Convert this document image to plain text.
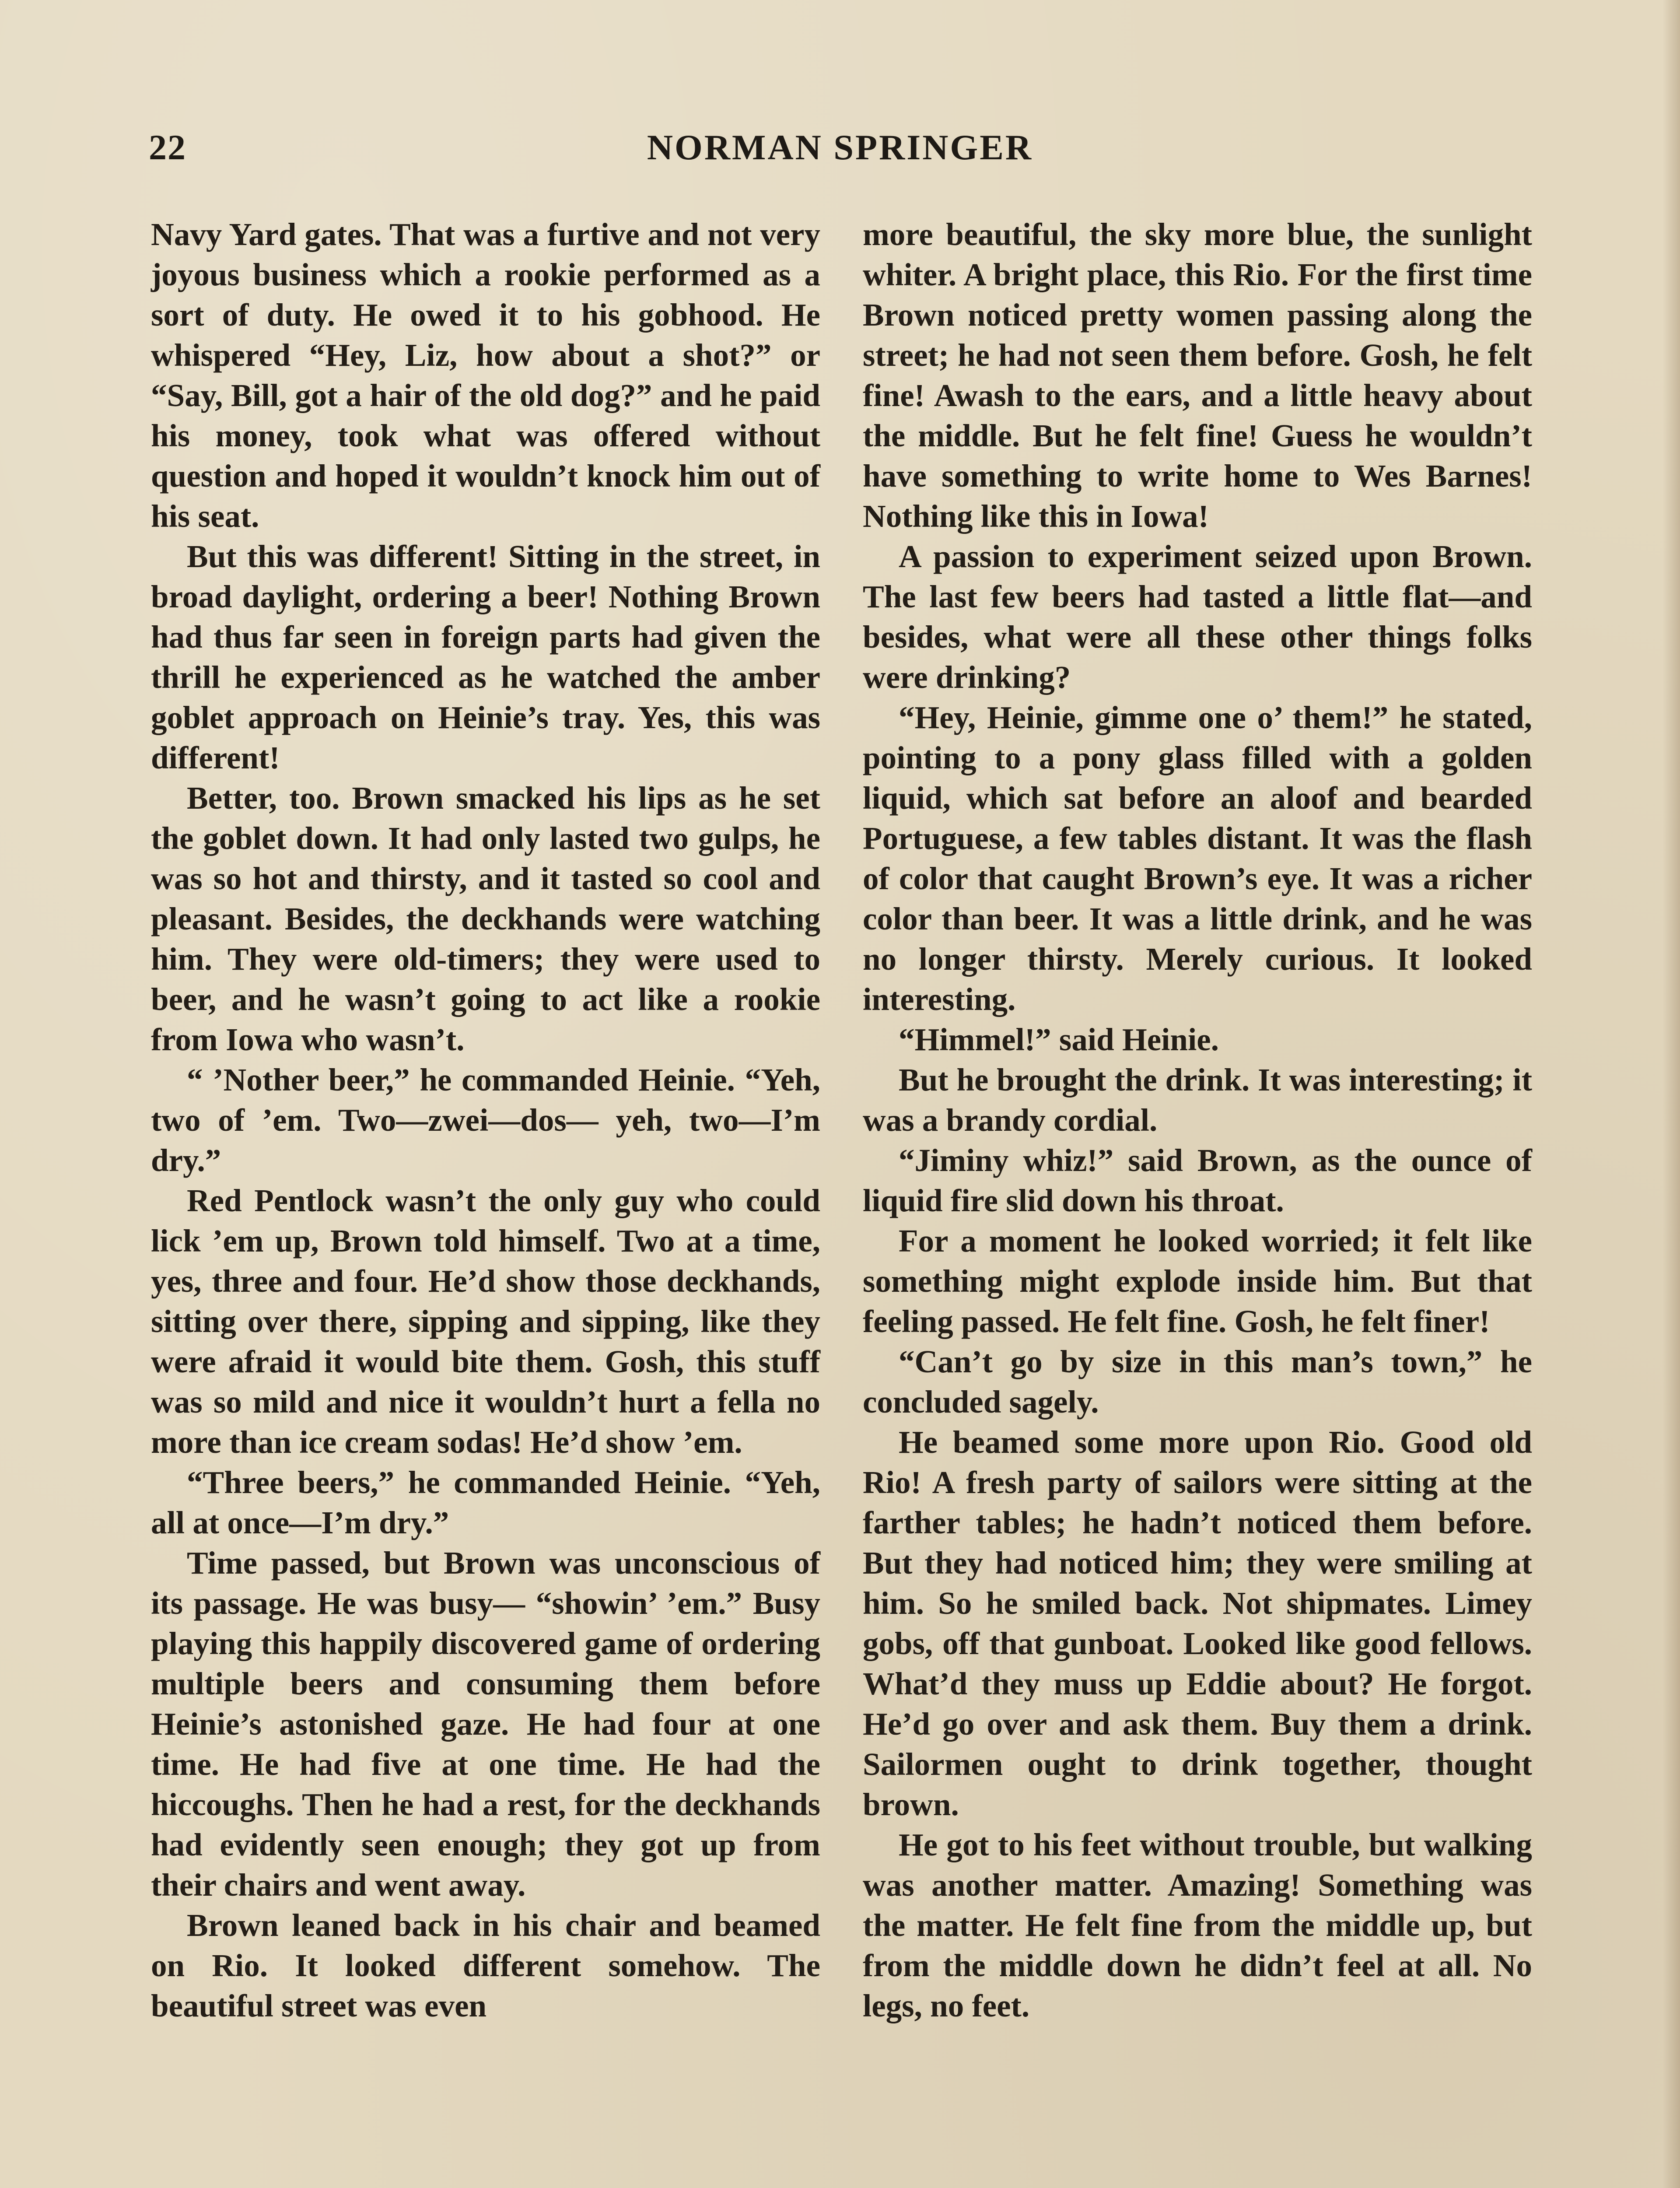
NORMAN SPRINGER
22

Navy Yard gates. That was a furtive and not very joyous business which a rookie performed as a sort of duty. He owed it to his gobhood. He whispered “Hey, Liz, how about a shot?” or “Say, Bill, got a hair of the old dog?” and he paid his money, took what was offered without question and hoped it wouldn’t knock him out of his seat.

But this was different! Sitting in the street, in broad daylight, ordering a beer! Nothing Brown had thus far seen in foreign parts had given the thrill he experienced as he watched the amber goblet approach on Heinie’s tray. Yes, this was different!

Better, too. Brown smacked his lips as he set the goblet down. It had only lasted two gulps, he was so hot and thirsty, and it tasted so cool and pleasant. Besides, the deckhands were watching him. They were old-timers; they were used to beer, and he wasn’t going to act like a rookie from Iowa who wasn’t.

“ ’Nother beer,” he commanded Heinie. “Yeh, two of ’em. Two—zwei—dos— yeh, two—I’m dry.”

Red Pentlock wasn’t the only guy who could lick ’em up, Brown told himself. Two at a time, yes, three and four. He’d show those deckhands, sitting over there, sipping and sipping, like they were afraid it would bite them. Gosh, this stuff was so mild and nice it wouldn’t hurt a fella no more than ice cream sodas! He’d show ’em.

“Three beers,” he commanded Heinie. “Yeh, all at once—I’m dry.”

Time passed, but Brown was unconscious of its passage. He was busy— “showin’ ’em.” Busy playing this happily discovered game of ordering multiple beers and consuming them before Heinie’s astonished gaze. He had four at one time. He had five at one time. He had the hiccoughs. Then he had a rest, for the deckhands had evidently seen enough; they got up from their chairs and went away.

Brown leaned back in his chair and beamed on Rio. It looked different somehow. The beautiful street was even

more beautiful, the sky more blue, the sunlight whiter. A bright place, this Rio. For the first time Brown noticed pretty women passing along the street; he had not seen them before. Gosh, he felt fine! Awash to the ears, and a little heavy about the middle. But he felt fine! Guess he wouldn’t have something to write home to Wes Barnes! Nothing like this in Iowa!

A passion to experiment seized upon Brown. The last few beers had tasted a little flat—and besides, what were all these other things folks were drinking?

“Hey, Heinie, gimme one o’ them!” he stated, pointing to a pony glass filled with a golden liquid, which sat before an aloof and bearded Portuguese, a few tables distant. It was the flash of color that caught Brown’s eye. It was a richer color than beer. It was a little drink, and he was no longer thirsty. Merely curious. It looked interesting.

“Himmel!” said Heinie.

But he brought the drink. It was interesting; it was a brandy cordial.

“Jiminy whiz!” said Brown, as the ounce of liquid fire slid down his throat.

For a moment he looked worried; it felt like something might explode inside him. But that feeling passed. He felt fine. Gosh, he felt finer!

“Can’t go by size in this man’s town,” he concluded sagely.

He beamed some more upon Rio. Good old Rio! A fresh party of sailors were sitting at the farther tables; he hadn’t noticed them before. But they had noticed him; they were smiling at him. So he smiled back. Not shipmates. Limey gobs, off that gunboat. Looked like good fellows. What’d they muss up Eddie about? He forgot. He’d go over and ask them. Buy them a drink. Sailormen ought to drink together, thought brown.

He got to his feet without trouble, but walking was another matter. Amazing! Something was the matter. He felt fine from the middle up, but from the middle down he didn’t feel at all. No legs, no feet.
